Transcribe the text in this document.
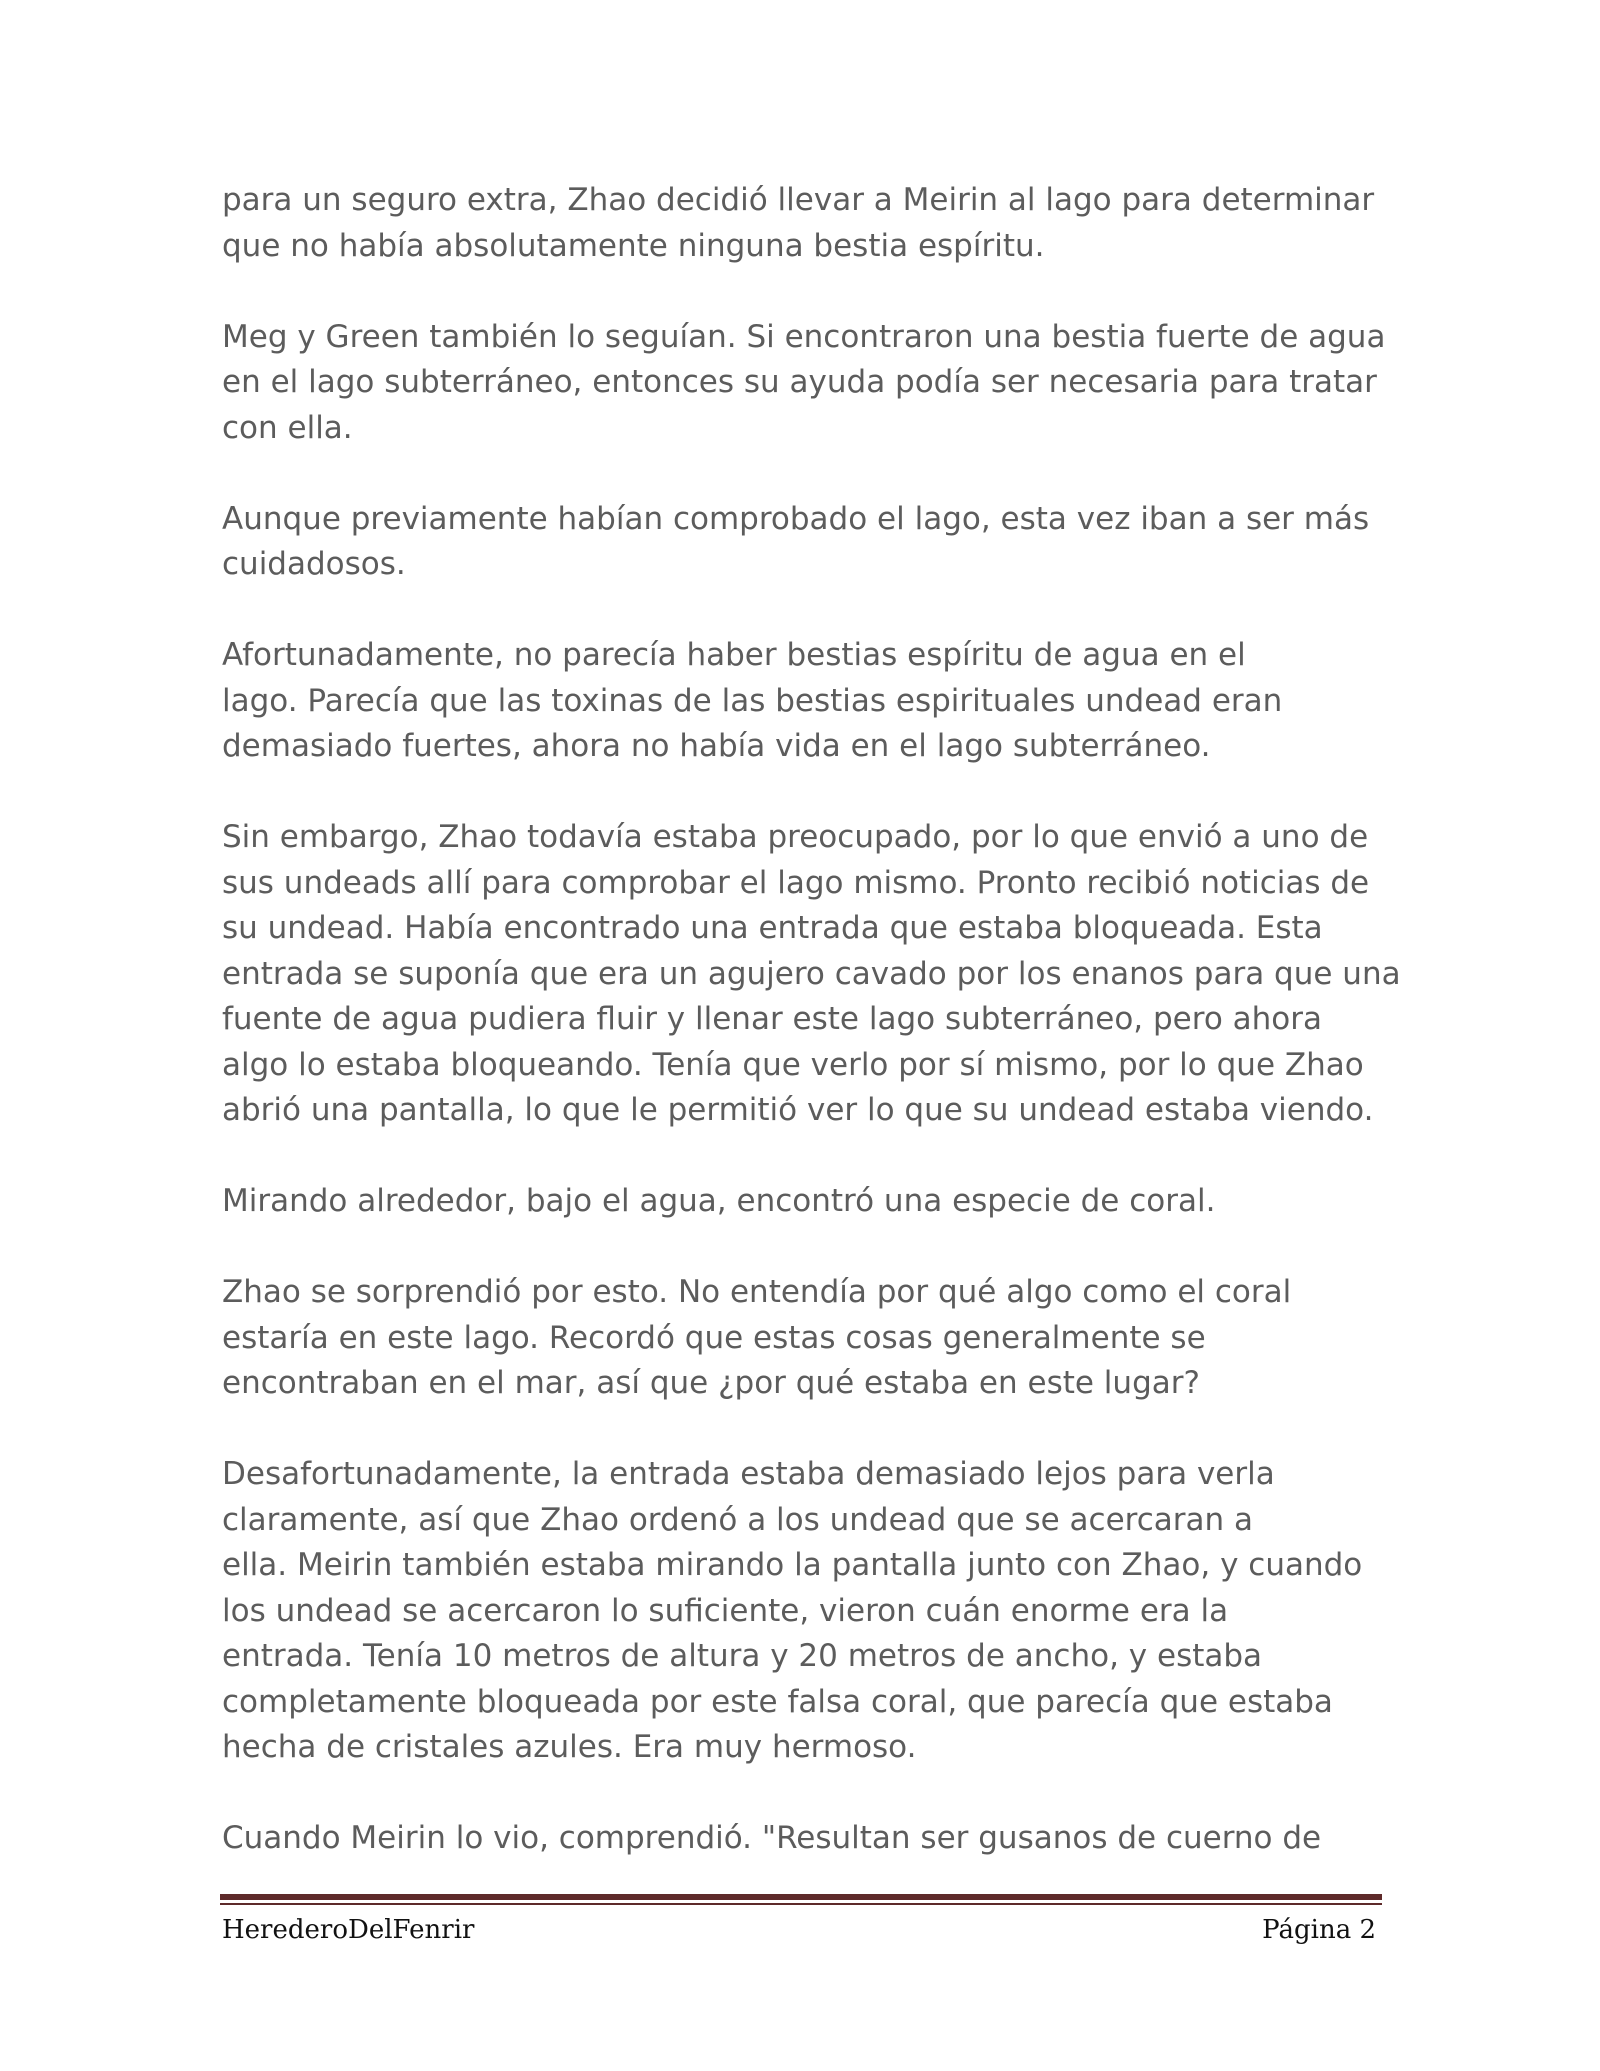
para un seguro extra, Zhao decidió llevar a Meirin al lago para determinar
que no había absolutamente ninguna bestia espíritu.

Meg y Green también lo seguían. Si encontraron una bestia fuerte de agua
en el lago subterráneo, entonces su ayuda podía ser necesaria para tratar
con ella.

Aunque previamente habían comprobado el lago, esta vez iban a ser más
cuidadosos.

Afortunadamente, no parecía haber bestias espíritu de agua en el
lago. Parecía que las toxinas de las bestias espirituales undead eran
demasiado fuertes, ahora no había vida en el lago subterráneo.

Sin embargo, Zhao todavía estaba preocupado, por lo que envió a uno de
sus undeads allí para comprobar el lago mismo. Pronto recibió noticias de
su undead. Había encontrado una entrada que estaba bloqueada. Esta
entrada se suponía que era un agujero cavado por los enanos para que una
fuente de agua pudiera fluir y llenar este lago subterráneo, pero ahora
algo lo estaba bloqueando. Tenía que verlo por sí mismo, por lo que Zhao
abrió una pantalla, lo que le permitió ver lo que su undead estaba viendo.

Mirando alrededor, bajo el agua, encontró una especie de coral.

Zhao se sorprendió por esto. No entendía por qué algo como el coral
estaría en este lago. Recordó que estas cosas generalmente se
encontraban en el mar, así que ¿por qué estaba en este lugar?

Desafortunadamente, la entrada estaba demasiado lejos para verla
claramente, así que Zhao ordenó a los undead que se acercaran a
ella. Meirin también estaba mirando la pantalla junto con Zhao, y cuando
los undead se acercaron lo suficiente, vieron cuán enorme era la
entrada. Tenía 10 metros de altura y 20 metros de ancho, y estaba
completamente bloqueada por este falsa coral, que parecía que estaba
hecha de cristales azules. Era muy hermoso.

Cuando Meirin lo vio, comprendió. "Resultan ser gusanos de cuerno de

HerederoDelFenrir	Página 2
